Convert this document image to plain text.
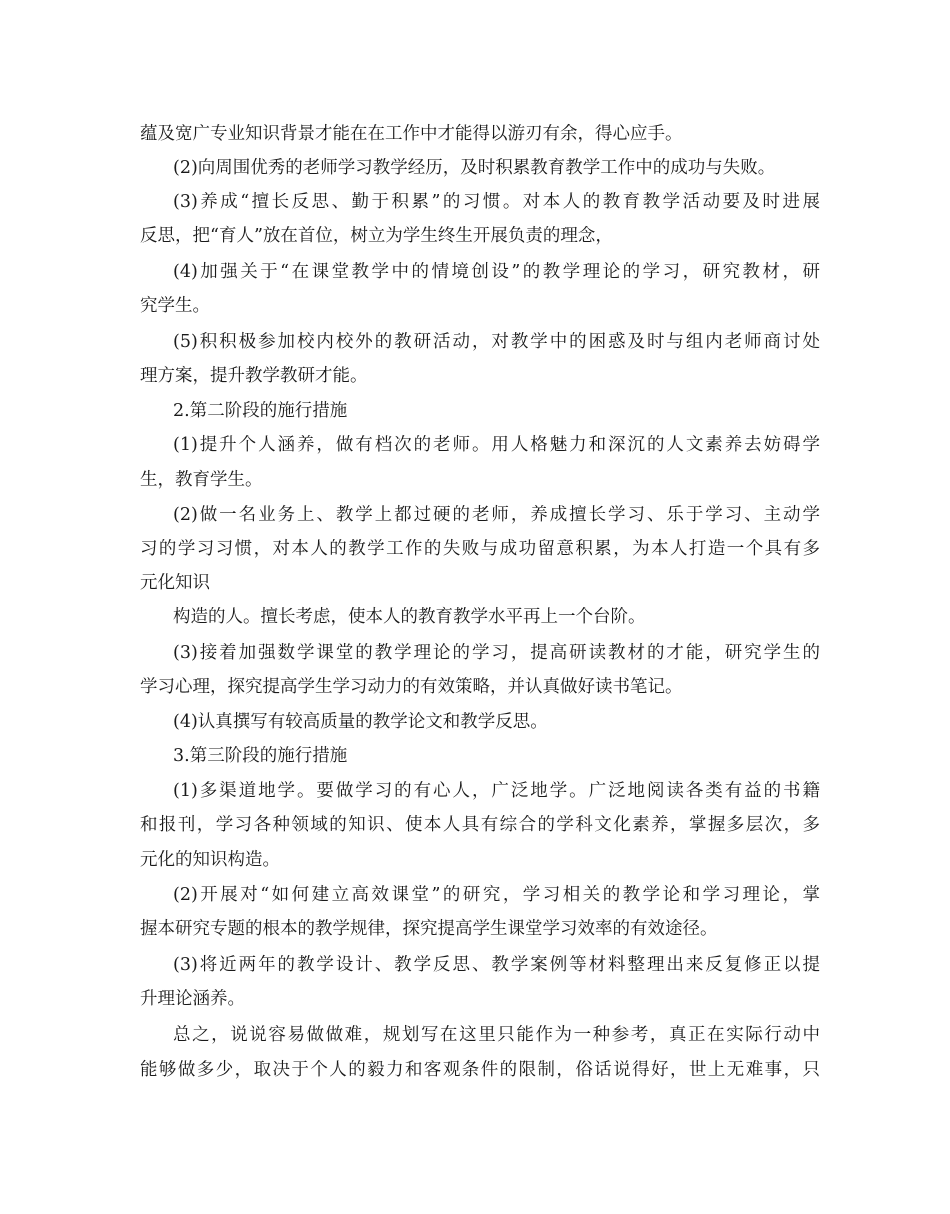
蕴及宽广专业知识背景才能在在工作中才能得以游刃有余，得心应手。
(2)向周围优秀的老师学习教学经历，及时积累教育教学工作中的成功与失败。
(3)养成“擅长反思、勤于积累”的习惯。对本人的教育教学活动要及时进展
反思，把“育人”放在首位，树立为学生终生开展负责的理念，
(4)加强关于“在课堂教学中的情境创设”的教学理论的学习，研究教材，研
究学生。
(5)积积极参加校内校外的教研活动，对教学中的困惑及时与组内老师商讨处
理方案，提升教学教研才能。
2.第二阶段的施行措施
(1)提升个人涵养，做有档次的老师。用人格魅力和深沉的人文素养去妨碍学
生，教育学生。
(2)做一名业务上、教学上都过硬的老师，养成擅长学习、乐于学习、主动学
习的学习习惯，对本人的教学工作的失败与成功留意积累，为本人打造一个具有多
元化知识
构造的人。擅长考虑，使本人的教育教学水平再上一个台阶。
(3)接着加强数学课堂的教学理论的学习，提高研读教材的才能，研究学生的
学习心理，探究提高学生学习动力的有效策略，并认真做好读书笔记。
(4)认真撰写有较高质量的教学论文和教学反思。
3.第三阶段的施行措施
(1)多渠道地学。要做学习的有心人，广泛地学。广泛地阅读各类有益的书籍
和报刊，学习各种领域的知识、使本人具有综合的学科文化素养，掌握多层次，多
元化的知识构造。
(2)开展对“如何建立高效课堂”的研究，学习相关的教学论和学习理论，掌
握本研究专题的根本的教学规律，探究提高学生课堂学习效率的有效途径。
(3)将近两年的教学设计、教学反思、教学案例等材料整理出来反复修正以提
升理论涵养。
总之，说说容易做做难，规划写在这里只能作为一种参考，真正在实际行动中
能够做多少，取决于个人的毅力和客观条件的限制，俗话说得好，世上无难事，只
